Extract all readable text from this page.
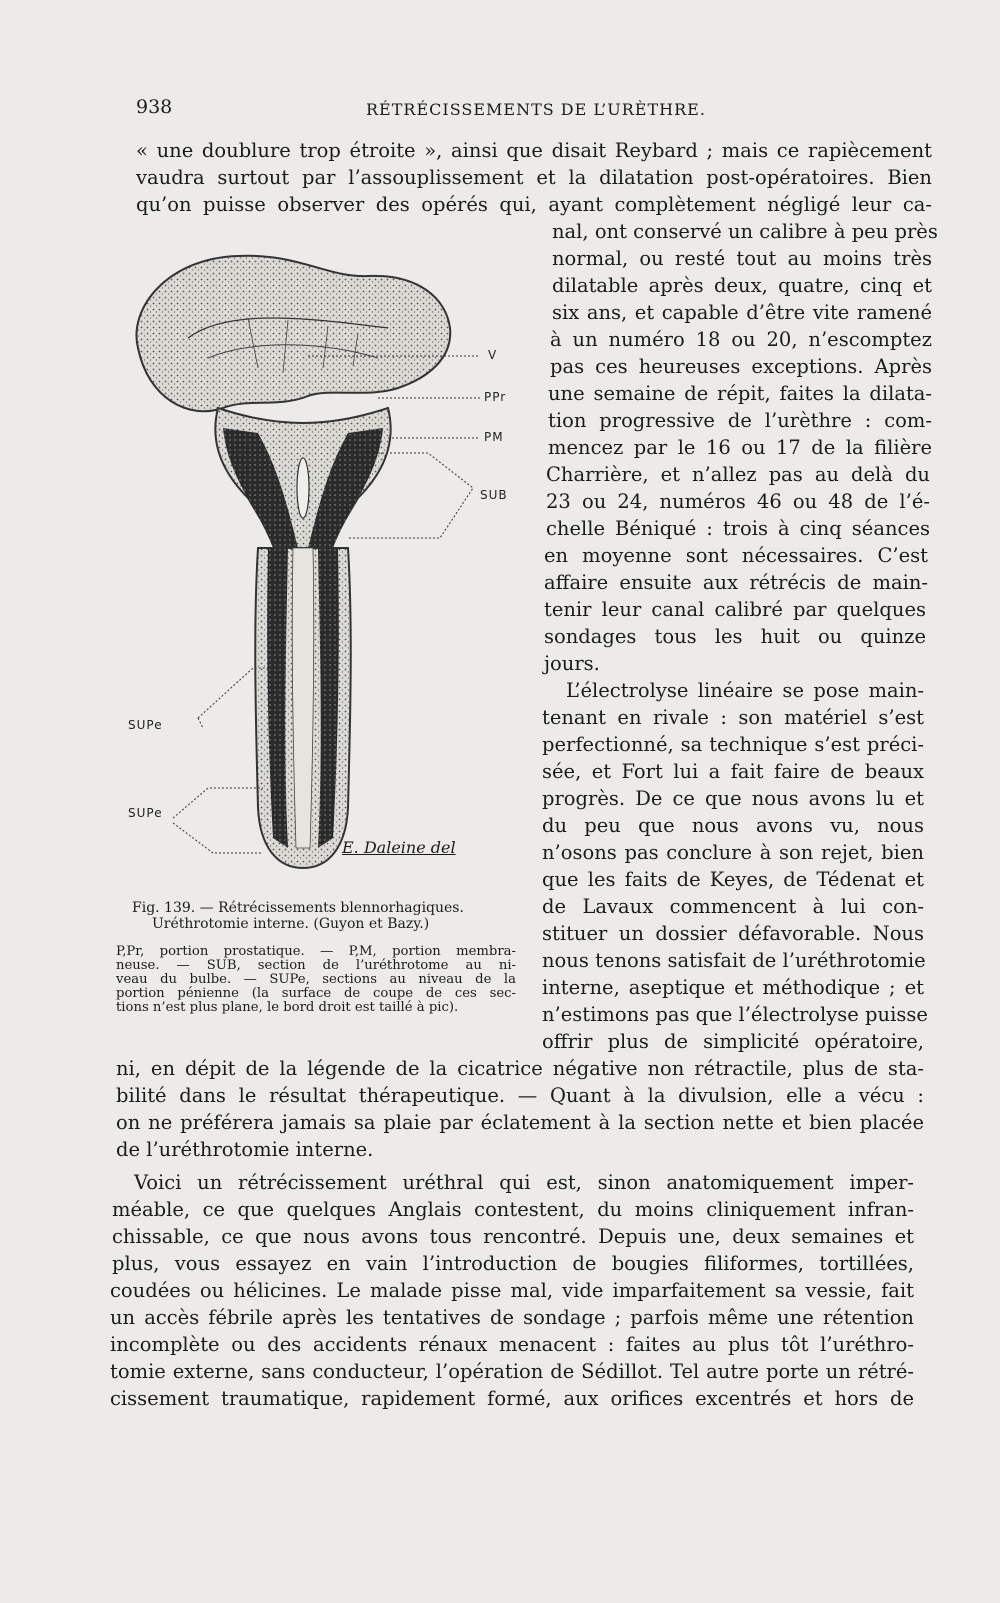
938	RÉTRÉCISSEMENTS DE L’URÈTHRE.
« une doublure trop étroite », ainsi que disait Reybard ; mais ce rapiècement
vaudra surtout par l’assouplissement et la dilatation post-opératoires. Bien
qu’on puisse observer des opérés qui, ayant complètement négligé leur ca-
nal, ont conservé un calibre à peu près
normal, ou resté tout au moins très
dilatable après deux, quatre, cinq et
six ans, et capable d’être vite ramené
à un numéro 18 ou 20, n’escomptez
pas ces heureuses exceptions. Après
une semaine de répit, faites la dilata-
tion progressive de l’urèthre : com-
mencez par le 16 ou 17 de la filière
Charrière, et n’allez pas au delà du
23 ou 24, numéros 46 ou 48 de l’é-
chelle Béniqué : trois à cinq séances
en moyenne sont nécessaires. C’est
affaire ensuite aux rétrécis de main-
tenir leur canal calibré par quelques
sondages tous les huit ou quinze
jours.
L’électrolyse linéaire se pose main-
tenant en rivale : son matériel s’est
perfectionné, sa technique s’est préci-
sée, et Fort lui a fait faire de beaux
progrès. De ce que nous avons lu et
du peu que nous avons vu, nous
n’osons pas conclure à son rejet, bien
que les faits de Keyes, de Tédenat et
de Lavaux commencent à lui con-
stituer un dossier défavorable. Nous
nous tenons satisfait de l’uréthrotomie
interne, aseptique et méthodique ; et
n’estimons pas que l’électrolyse puisse
offrir plus de simplicité opératoire,
ni, en dépit de la légende de la cicatrice négative non rétractile, plus de sta-
bilité dans le résultat thérapeutique. — Quant à la divulsion, elle a vécu :
on ne préférera jamais sa plaie par éclatement à la section nette et bien placée
de l’uréthrotomie interne.
Voici un rétrécissement uréthral qui est, sinon anatomiquement imper-
méable, ce que quelques Anglais contestent, du moins cliniquement infran-
chissable, ce que nous avons tous rencontré. Depuis une, deux semaines et
plus, vous essayez en vain l’introduction de bougies filiformes, tortillées,
coudées ou hélicines. Le malade pisse mal, vide imparfaitement sa vessie, fait
un accès fébrile après les tentatives de sondage ; parfois même une rétention
incomplète ou des accidents rénaux menacent : faites au plus tôt l’uréthro-
tomie externe, sans conducteur, l’opération de Sédillot. Tel autre porte un rétré-
cissement traumatique, rapidement formé, aux orifices excentrés et hors de
V
PPr
PM
SUB
SUPe
SUPe
E. Daleine del
Fig. 139. — Rétrécissements blennorhagiques.
Uréthrotomie interne. (Guyon et Bazy.)
P,Pr, portion prostatique. — P,M, portion membra-
neuse. — SUB, section de l’uréthrotome au ni-
veau du bulbe. — SUPe, sections au niveau de la
portion pénienne (la surface de coupe de ces sec-
tions n’est plus plane, le bord droit est taillé à pic).
